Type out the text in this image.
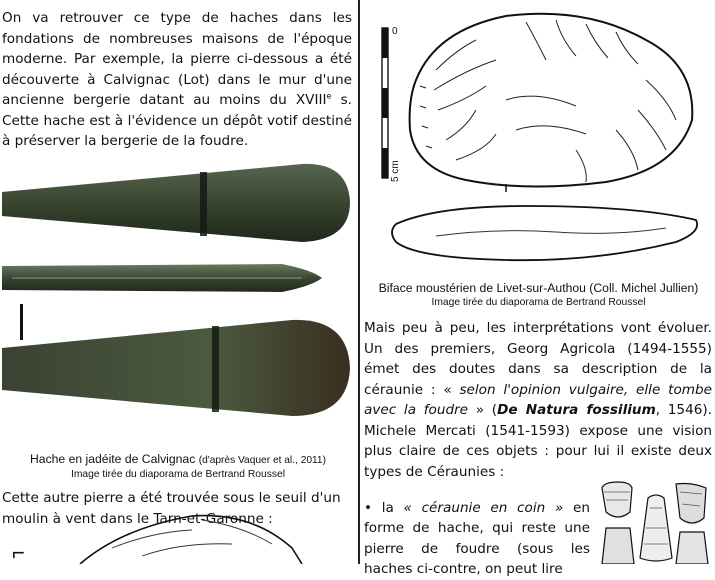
On va retrouver ce type de haches dans les fondations de nombreuses maisons de l'époque moderne. Par exemple, la pierre ci-dessous a été découverte à Calvignac (Lot) dans le mur d'une ancienne bergerie datant au moins du XVIIIe s. Cette hache est à l'évidence un dépôt votif destiné à préserver la bergerie de la foudre.

Hache en jadéite de Calvignac (d'après Vaquer et al., 2011)
Image tirée du diaporama de Bertrand Roussel

Cette autre pierre a été trouvée sous le seuil d'un moulin à vent dans le Tarn-et-Garonne :

⌐
0
5 cm
Biface moustérien de Livet-sur-Authou (Coll. Michel Jullien)
Image tirée du diaporama de Bertrand Roussel

Mais peu à peu, les interprétations vont évoluer. Un des premiers, Georg Agricola (1494-1555) émet des doutes dans sa description de la céraunie : « selon l'opinion vulgaire, elle tombe avec la foudre » (De Natura fossilium, 1546). Michele Mercati (1541-1593) expose une vision plus claire de ces objets : pour lui il existe deux types de Céraunies :

• la « céraunie en coin » en forme de hache, qui reste une pierre de foudre (sous les haches ci-contre, on peut lire
